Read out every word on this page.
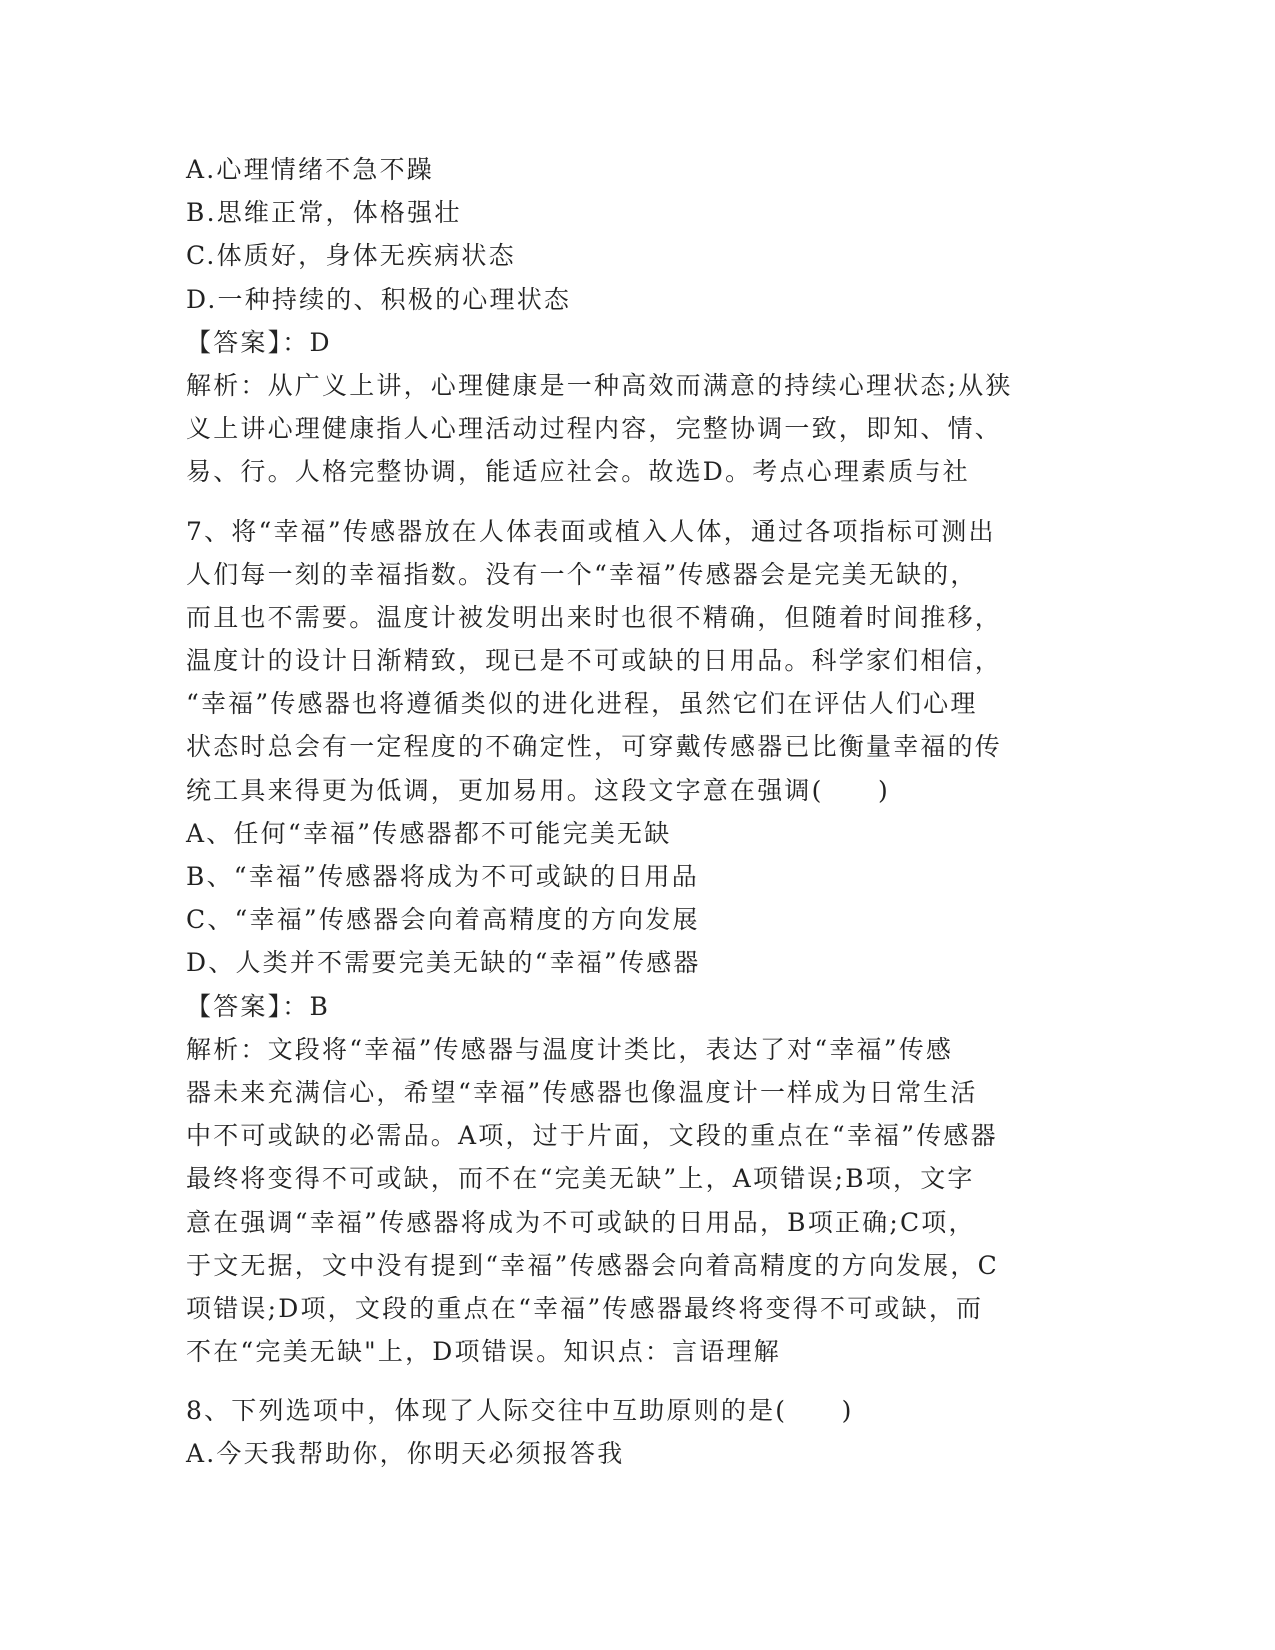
A.心理情绪不急不躁
B.思维正常，体格强壮
C.体质好，身体无疾病状态
D.一种持续的、积极的心理状态
【答案】：D
解析：从广义上讲，心理健康是一种高效而满意的持续心理状态;从狭
义上讲心理健康指人心理活动过程内容，完整协调一致，即知、情、
易、行。人格完整协调，能适应社会。故选D。考点心理素质与社
7、将“幸福”传感器放在人体表面或植入人体，通过各项指标可测出
人们每一刻的幸福指数。没有一个“幸福”传感器会是完美无缺的，
而且也不需要。温度计被发明出来时也很不精确，但随着时间推移，
温度计的设计日渐精致，现已是不可或缺的日用品。科学家们相信，
“幸福”传感器也将遵循类似的进化进程，虽然它们在评估人们心理
状态时总会有一定程度的不确定性，可穿戴传感器已比衡量幸福的传
统工具来得更为低调，更加易用。这段文字意在强调(　　)
A、任何“幸福”传感器都不可能完美无缺
B、“幸福”传感器将成为不可或缺的日用品
C、“幸福”传感器会向着高精度的方向发展
D、人类并不需要完美无缺的“幸福”传感器
【答案】：B
解析：文段将“幸福”传感器与温度计类比，表达了对“幸福”传感
器未来充满信心，希望“幸福”传感器也像温度计一样成为日常生活
中不可或缺的必需品。A项，过于片面，文段的重点在“幸福”传感器
最终将变得不可或缺，而不在“完美无缺”上，A项错误;B项，文字
意在强调“幸福”传感器将成为不可或缺的日用品，B项正确;C项，
于文无据，文中没有提到“幸福”传感器会向着高精度的方向发展，C
项错误;D项，文段的重点在“幸福”传感器最终将变得不可或缺，而
不在“完美无缺"上，D项错误。知识点：言语理解
8、下列选项中，体现了人际交往中互助原则的是(　　)
A.今天我帮助你，你明天必须报答我
